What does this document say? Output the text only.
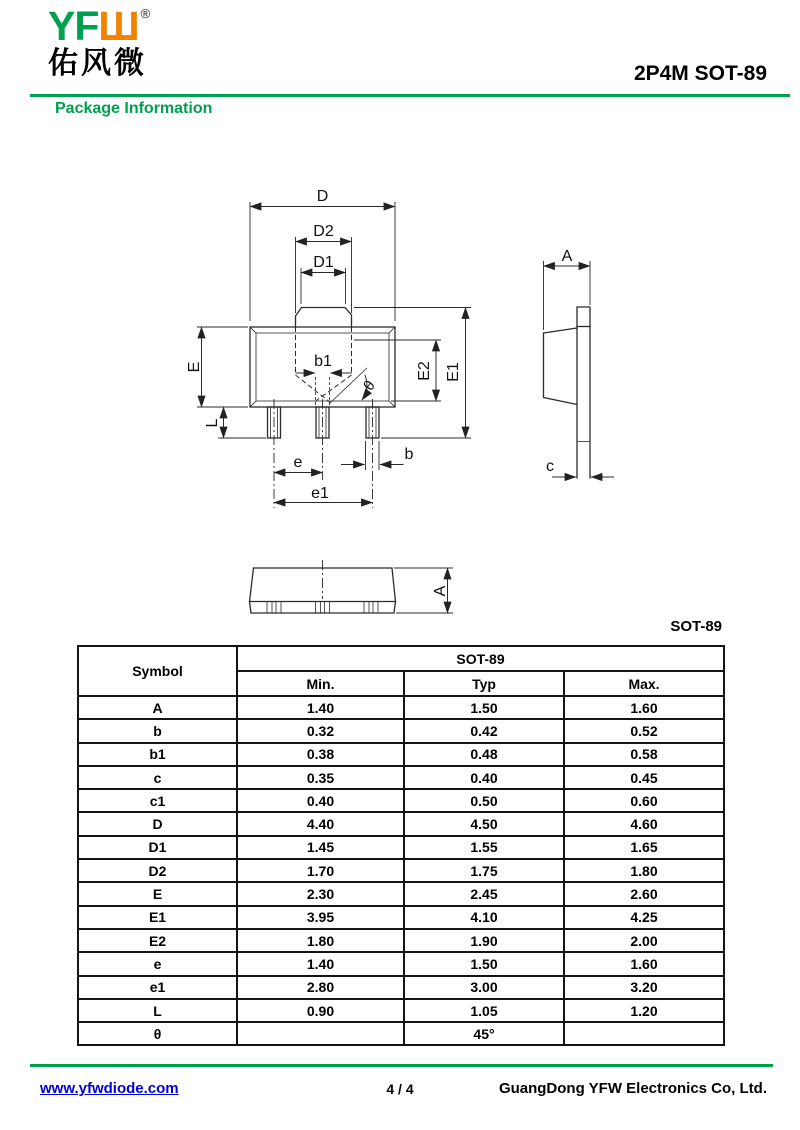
YFШ ®
佑风微	2P4M SOT-89
Package Information
D
D2
D1
E
L
b1
θ
E2 E1
e	b
e1
A
c
A
SOT-89
Symbol	SOT-89		
	Min.	Typ	Max.
A	1.40	1.50	1.60
b	0.32	0.42	0.52
b1	0.38	0.48	0.58
c	0.35	0.40	0.45
c1	0.40	0.50	0.60
D	4.40	4.50	4.60
D1	1.45	1.55	1.65
D2	1.70	1.75	1.80
E	2.30	2.45	2.60
E1	3.95	4.10	4.25
E2	1.80	1.90	2.00
e	1.40	1.50	1.60
e1	2.80	3.00	3.20
L	0.90	1.05	1.20
θ		45°	
www.yfwdiode.com	4 / 4	GuangDong YFW Electronics Co, Ltd.
